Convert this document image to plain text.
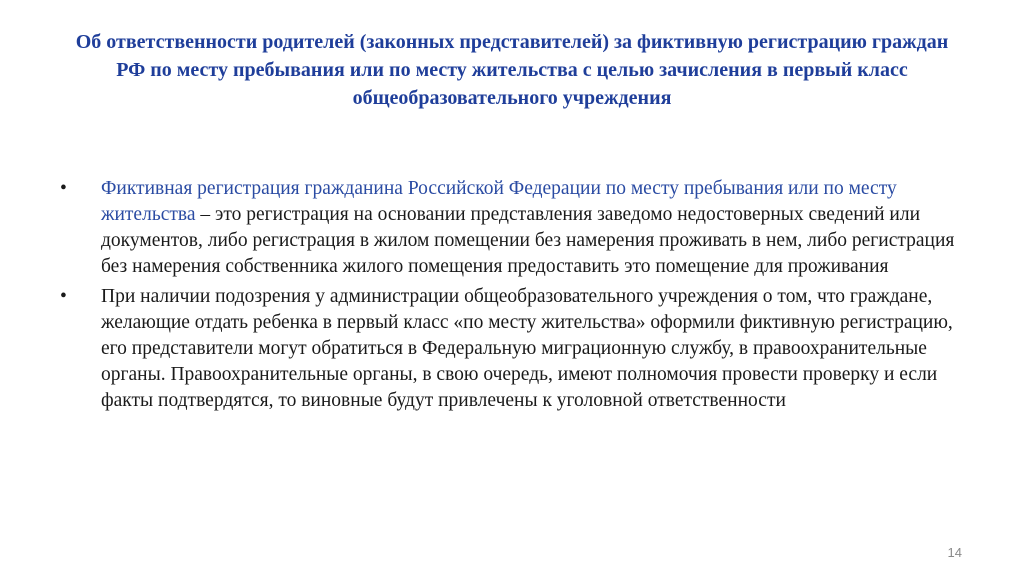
Об ответственности родителей (законных представителей) за фиктивную регистрацию граждан РФ по месту пребывания или по месту жительства с целью зачисления в первый класс общеобразовательного учреждения
• Фиктивная регистрация гражданина Российской Федерации по месту пребывания или по месту жительства – это регистрация на основании представления заведомо недостоверных сведений или документов, либо регистрация в жилом помещении без намерения проживать в нем, либо регистрация без намерения собственника жилого помещения предоставить это помещение для проживания
• При наличии подозрения у администрации общеобразовательного учреждения о том, что граждане, желающие отдать ребенка в первый класс «по месту жительства» оформили фиктивную регистрацию, его представители могут обратиться в Федеральную миграционную службу, в правоохранительные органы. Правоохранительные органы, в свою очередь, имеют полномочия провести проверку и если факты подтвердятся, то виновные будут привлечены к уголовной ответственности
14
